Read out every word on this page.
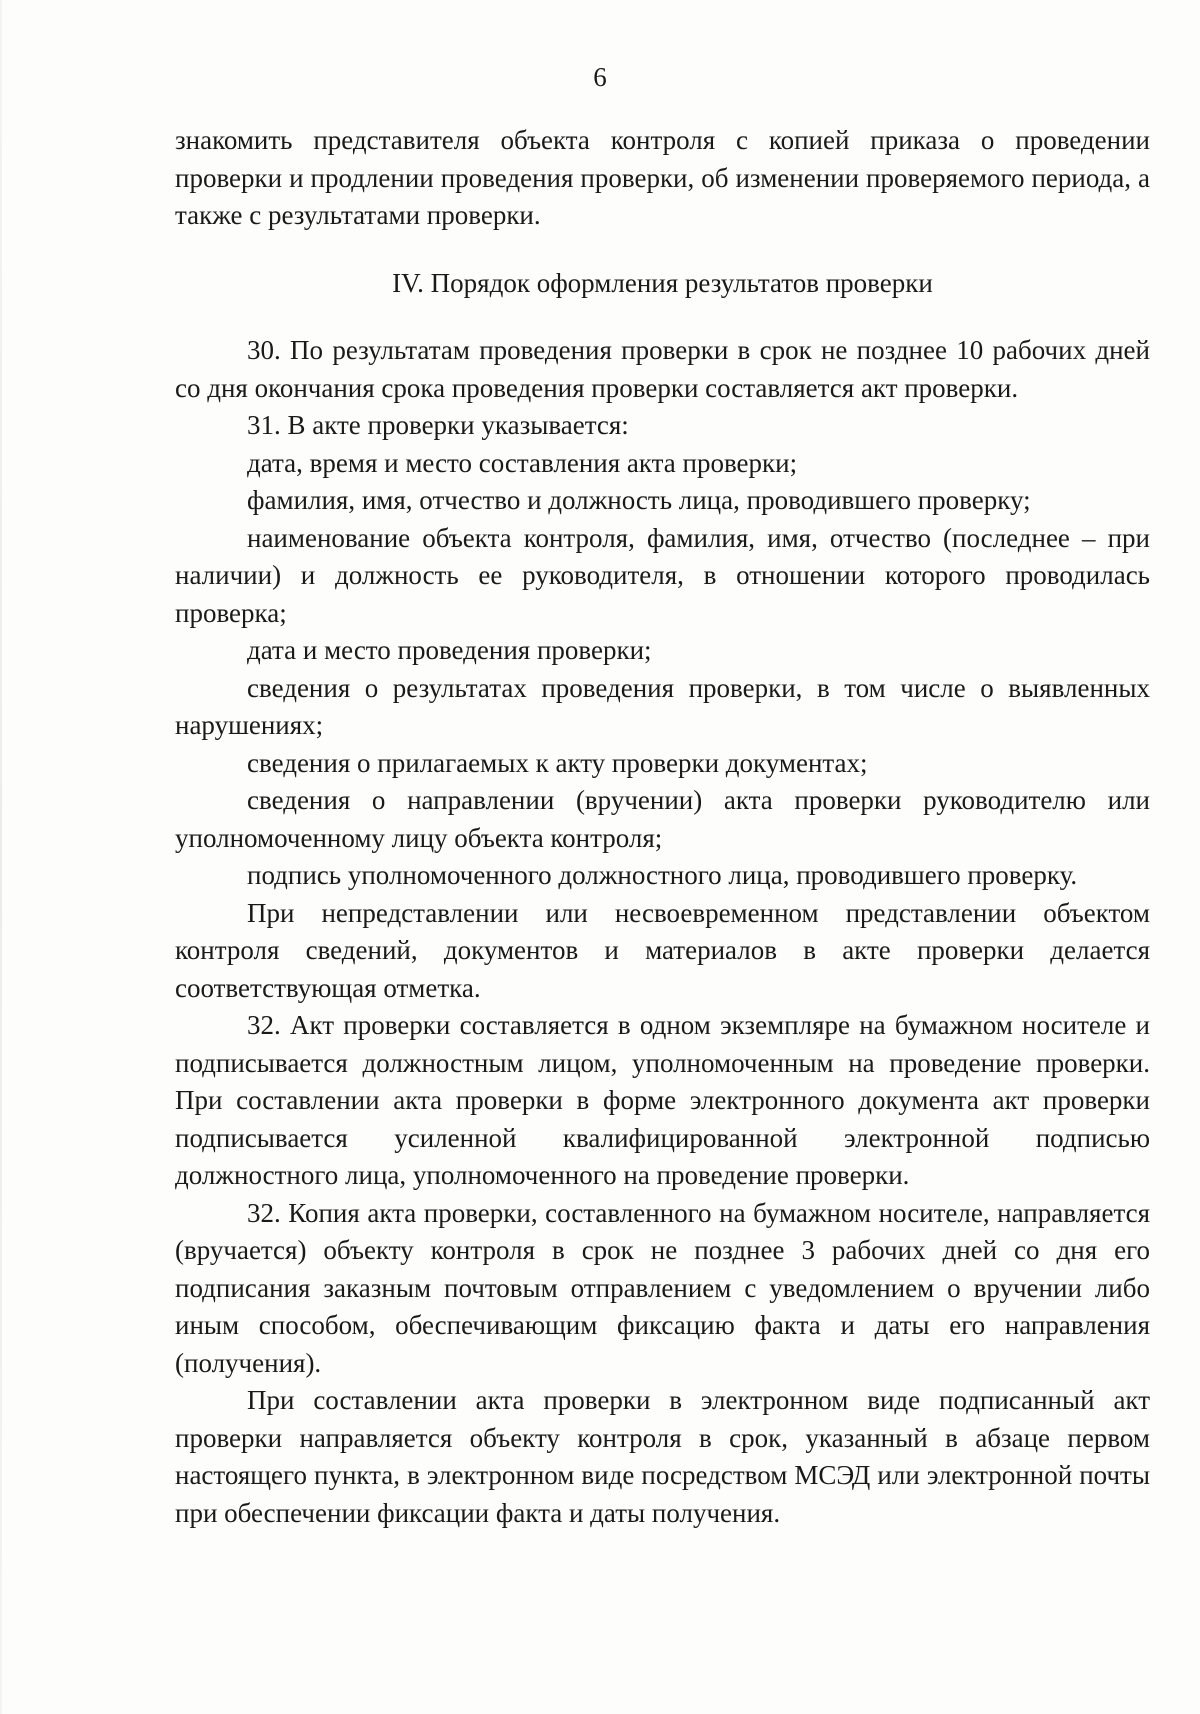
6

знакомить представителя объекта контроля с копией приказа о проведении проверки и продлении проведения проверки, об изменении проверяемого периода, а также с результатами проверки.

IV. Порядок оформления результатов проверки

30. По результатам проведения проверки в срок не позднее 10 рабочих дней со дня окончания срока проведения проверки составляется акт проверки.

31. В акте проверки указывается:

дата, время и место составления акта проверки;

фамилия, имя, отчество и должность лица, проводившего проверку;

наименование объекта контроля, фамилия, имя, отчество (последнее – при наличии) и должность ее руководителя, в отношении которого проводилась проверка;

дата и место проведения проверки;

сведения о результатах проведения проверки, в том числе о выявленных нарушениях;

сведения о прилагаемых к акту проверки документах;

сведения о направлении (вручении) акта проверки руководителю или уполномоченному лицу объекта контроля;

подпись уполномоченного должностного лица, проводившего проверку.

При непредставлении или несвоевременном представлении объектом контроля сведений, документов и материалов в акте проверки делается соответствующая отметка.

32. Акт проверки составляется в одном экземпляре на бумажном носителе и подписывается должностным лицом, уполномоченным на проведение проверки. При составлении акта проверки в форме электронного документа акт проверки подписывается усиленной квалифицированной электронной подписью должностного лица, уполномоченного на проведение проверки.

32. Копия акта проверки, составленного на бумажном носителе, направляется (вручается) объекту контроля в срок не позднее 3 рабочих дней со дня его подписания заказным почтовым отправлением с уведомлением о вручении либо иным способом, обеспечивающим фиксацию факта и даты его направления (получения).

При составлении акта проверки в электронном виде подписанный акт проверки направляется объекту контроля в срок, указанный в абзаце первом настоящего пункта, в электронном виде посредством МСЭД или электронной почты при обеспечении фиксации факта и даты получения.
